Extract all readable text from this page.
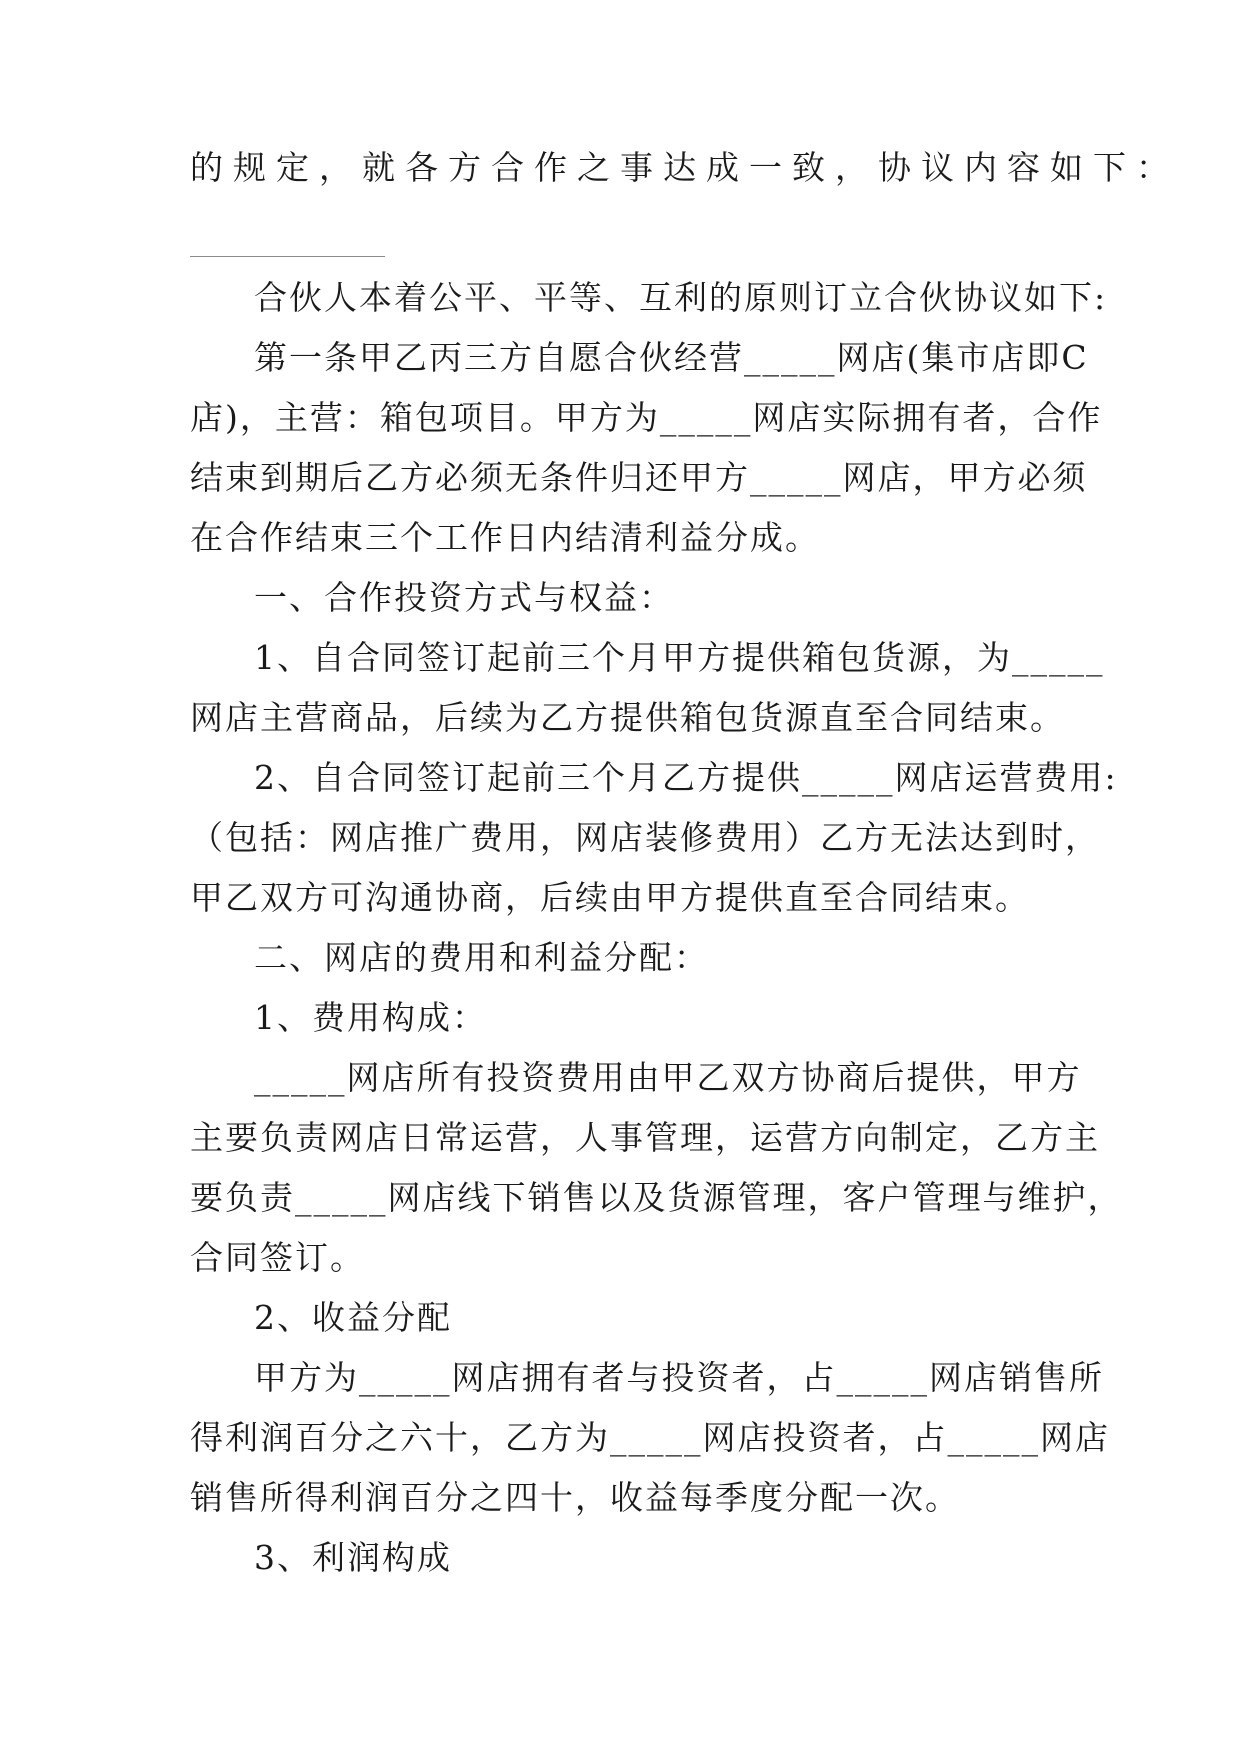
的规定，就各方合作之事达成一致，协议内容如下：
合伙人本着公平、平等、互利的原则订立合伙协议如下:
第一条甲乙丙三方自愿合伙经营_____网店(集市店即C
店)，主营：箱包项目。甲方为_____网店实际拥有者，合作
结束到期后乙方必须无条件归还甲方_____网店，甲方必须
在合作结束三个工作日内结清利益分成。
一、合作投资方式与权益：
1、自合同签订起前三个月甲方提供箱包货源，为_____
网店主营商品，后续为乙方提供箱包货源直至合同结束。
2、自合同签订起前三个月乙方提供_____网店运营费用:
（包括：网店推广费用，网店装修费用）乙方无法达到时，
甲乙双方可沟通协商，后续由甲方提供直至合同结束。
二、网店的费用和利益分配：
1、费用构成：
_____网店所有投资费用由甲乙双方协商后提供，甲方
主要负责网店日常运营，人事管理，运营方向制定，乙方主
要负责_____网店线下销售以及货源管理，客户管理与维护，
合同签订。
2、收益分配
甲方为_____网店拥有者与投资者，占_____网店销售所
得利润百分之六十，乙方为_____网店投资者，占_____网店
销售所得利润百分之四十，收益每季度分配一次。
3、利润构成
